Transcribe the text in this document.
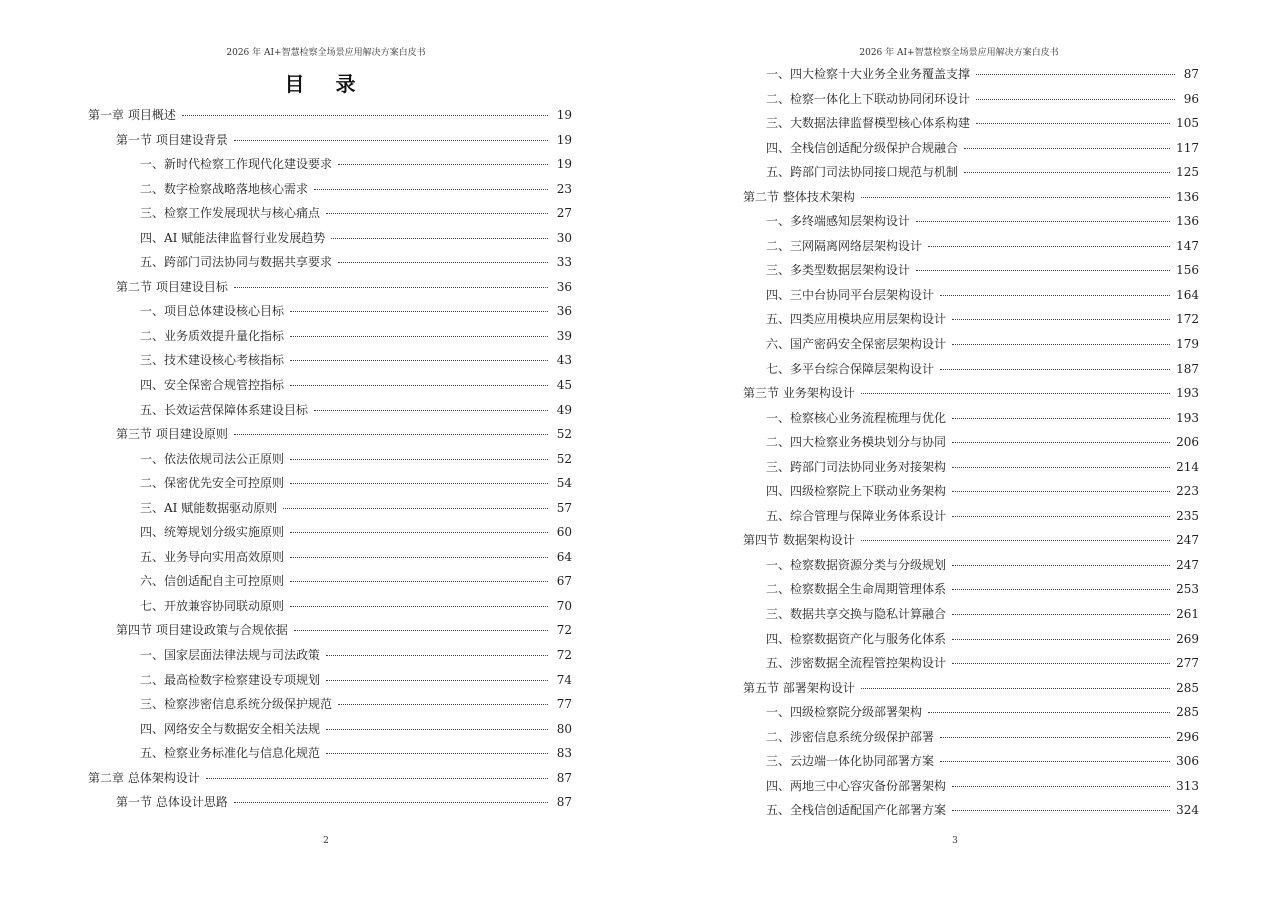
2026 年 AI+智慧检察全场景应用解决方案白皮书
目 录
第一章 项目概述	19
第一节 项目建设背景	19
一、新时代检察工作现代化建设要求	19
二、数字检察战略落地核心需求	23
三、检察工作发展现状与核心痛点	27
四、AI 赋能法律监督行业发展趋势	30
五、跨部门司法协同与数据共享要求	33
第二节 项目建设目标	36
一、项目总体建设核心目标	36
二、业务质效提升量化指标	39
三、技术建设核心考核指标	43
四、安全保密合规管控指标	45
五、长效运营保障体系建设目标	49
第三节 项目建设原则	52
一、依法依规司法公正原则	52
二、保密优先安全可控原则	54
三、AI 赋能数据驱动原则	57
四、统筹规划分级实施原则	60
五、业务导向实用高效原则	64
六、信创适配自主可控原则	67
七、开放兼容协同联动原则	70
第四节 项目建设政策与合规依据	72
一、国家层面法律法规与司法政策	72
二、最高检数字检察建设专项规划	74
三、检察涉密信息系统分级保护规范	77
四、网络安全与数据安全相关法规	80
五、检察业务标准化与信息化规范	83
第二章 总体架构设计	87
第一节 总体设计思路	87
2
2026 年 AI+智慧检察全场景应用解决方案白皮书
一、四大检察十大业务全业务覆盖支撑	87
二、检察一体化上下联动协同闭环设计	96
三、大数据法律监督模型核心体系构建	105
四、全栈信创适配分级保护合规融合	117
五、跨部门司法协同接口规范与机制	125
第二节 整体技术架构	136
一、多终端感知层架构设计	136
二、三网隔离网络层架构设计	147
三、多类型数据层架构设计	156
四、三中台协同平台层架构设计	164
五、四类应用模块应用层架构设计	172
六、国产密码安全保密层架构设计	179
七、多平台综合保障层架构设计	187
第三节 业务架构设计	193
一、检察核心业务流程梳理与优化	193
二、四大检察业务模块划分与协同	206
三、跨部门司法协同业务对接架构	214
四、四级检察院上下联动业务架构	223
五、综合管理与保障业务体系设计	235
第四节 数据架构设计	247
一、检察数据资源分类与分级规划	247
二、检察数据全生命周期管理体系	253
三、数据共享交换与隐私计算融合	261
四、检察数据资产化与服务化体系	269
五、涉密数据全流程管控架构设计	277
第五节 部署架构设计	285
一、四级检察院分级部署架构	285
二、涉密信息系统分级保护部署	296
三、云边端一体化协同部署方案	306
四、两地三中心容灾备份部署架构	313
五、全栈信创适配国产化部署方案	324
3
